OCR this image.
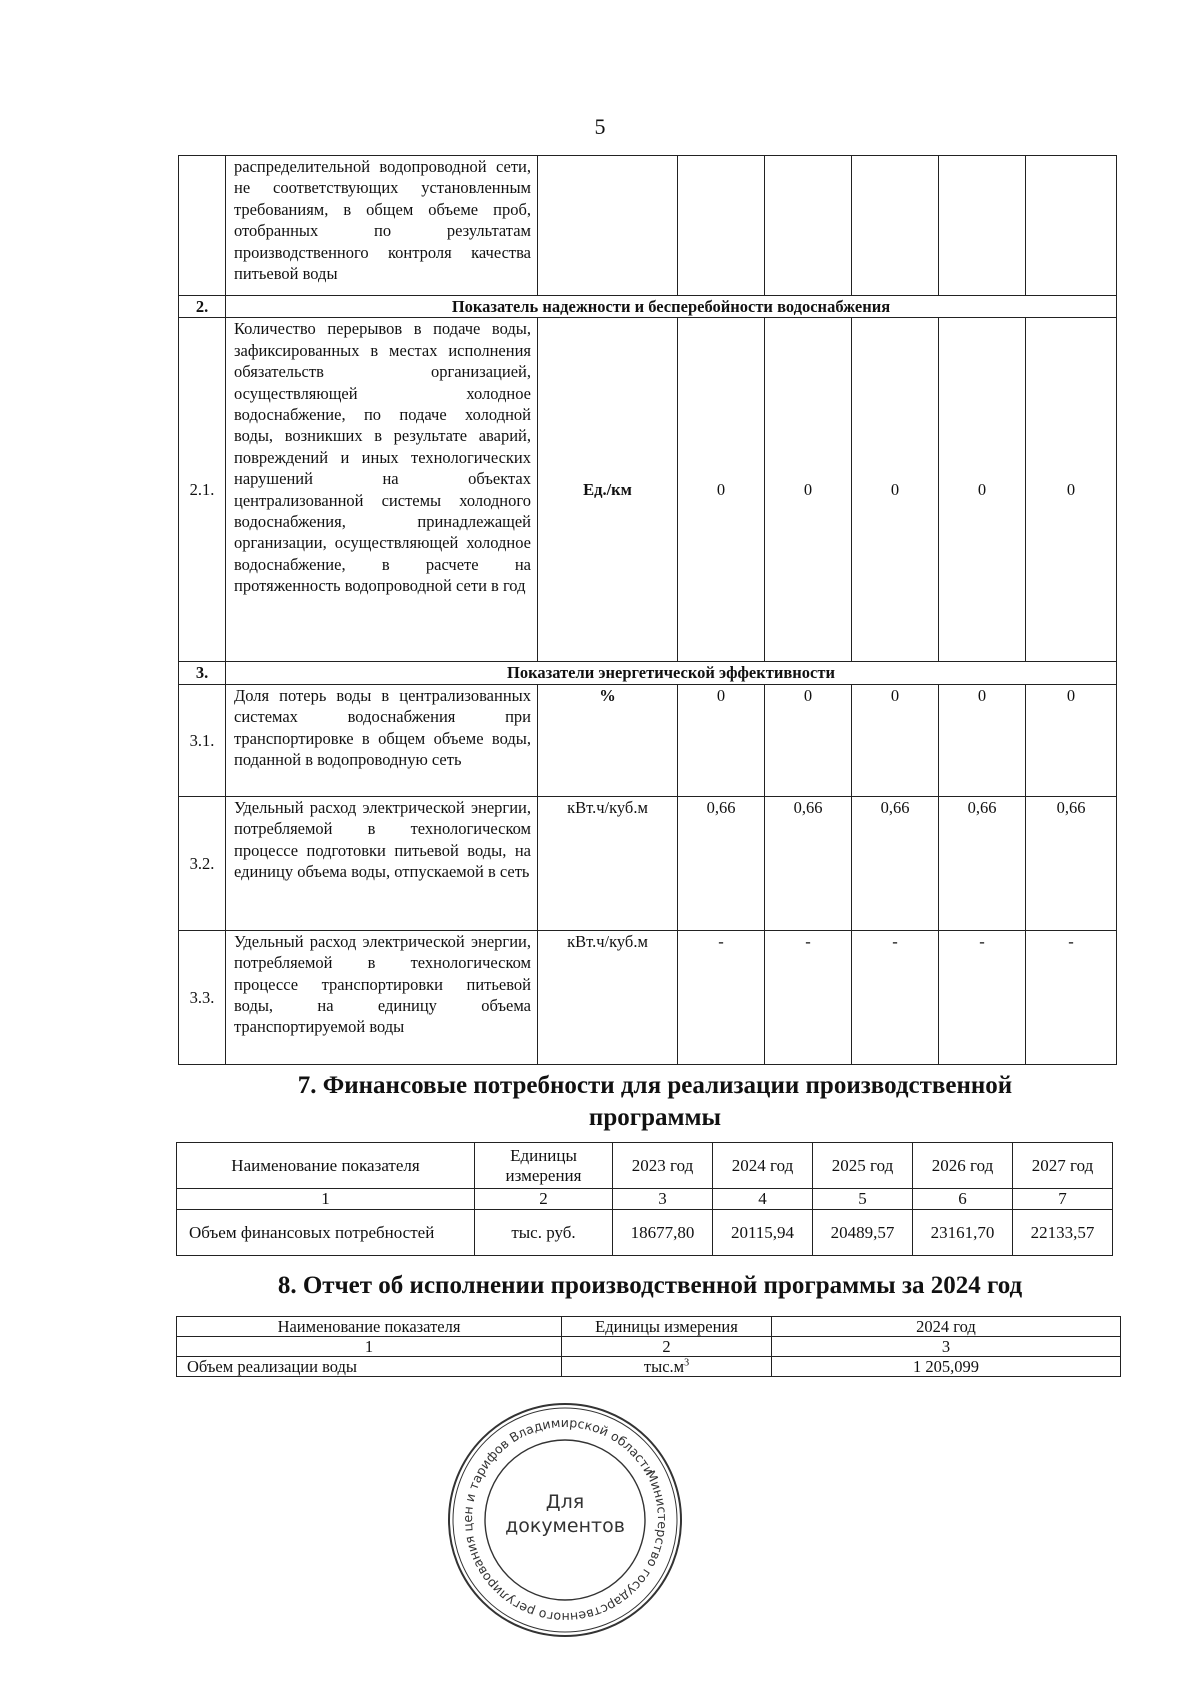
5

	распределительной водопроводной сети, не соответствующих установленным требованиям, в общем объеме проб, отобранных по результатам производственного контроля качества питьевой воды						

2.	Показатель надежности и бесперебойности водоснабжения						
2.1.	Количество перерывов в подаче воды, зафиксированных в местах исполнения обязательств организацией, осуществляющей холодное водоснабжение, по подаче холодной воды, возникших в результате аварий, повреждений и иных технологических нарушений на объектах централизованной системы холодного водоснабжения, принадлежащей организации, осуществляющей холодное водоснабжение, в расчете на протяженность водопроводной сети в год	Ед./км	0	0	0	0	0
3.	Показатели энергетической эффективности						
3.1.	Доля потерь воды в централизованных системах водоснабжения при транспортировке в общем объеме воды, поданной в водопроводную сеть	%	0	0	0	0	0
3.2.	Удельный расход электрической энергии, потребляемой в технологическом процессе подготовки питьевой воды, на единицу объема воды, отпускаемой в сеть	кВт.ч/куб.м	0,66	0,66	0,66	0,66	0,66
3.3.	Удельный расход электрической энергии, потребляемой в технологическом процессе транспортировки питьевой воды, на единицу объема транспортируемой воды	кВт.ч/куб.м	-	-	-	-	-
7. Финансовые потребности для реализации производственной программы
Наименование показателя	Единицы измерения	2023 год	2024 год	2025 год	2026 год	2027 год
1	2	3	4	5	6	7
Объем финансовых потребностей	тыс. руб.	18677,80	20115,94	20489,57	23161,70	22133,57
8. Отчет об исполнении производственной программы за 2024 год
Наименование показателя	Единицы измерения	2024 год
1	2	3
Объем реализации воды	$тыс.м^3$	1 205,099
Министерство государственного регулирования цен и тарифов Владимирской области
Для
документов
